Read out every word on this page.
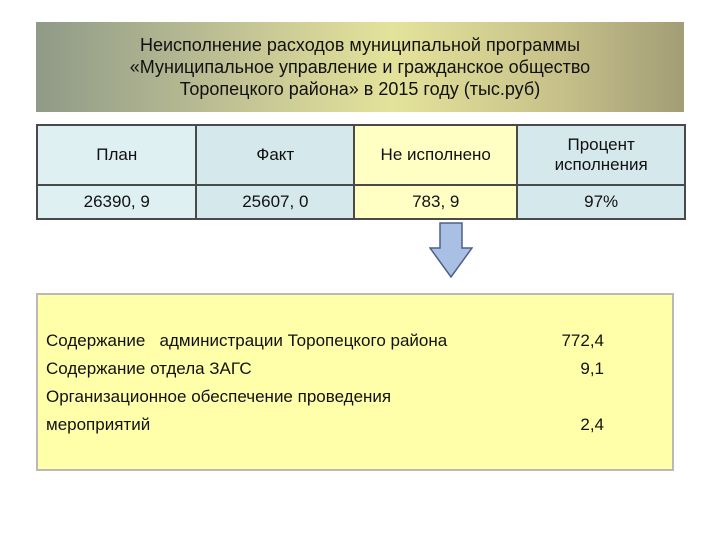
Неисполнение расходов муниципальной программы
«Муниципальное управление и гражданское общество
Торопецкого района» в 2015 году (тыс.руб)

План	Факт	Не исполнено	Процент исполнения
26390, 9	25607, 0	783, 9	97%
Содержание   администрации Торопецкого района	772,4
Содержание отдела ЗАГС	9,1
Организационное обеспечение проведения
мероприятий	2,4
